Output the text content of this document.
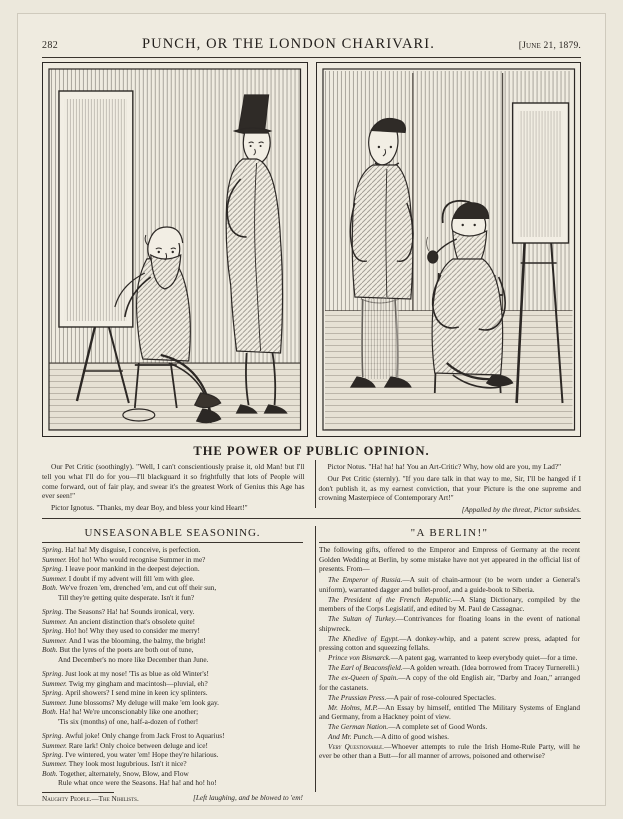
282	PUNCH, OR THE LONDON CHARIVARI.	[June 21, 1879.
THE POWER OF PUBLIC OPINION.

Our Pet Critic (soothingly). "Well, I can't conscientiously praise it, old Man! but I'll tell you what I'll do for you—I'll blackguard it so frightfully that lots of People will come forward, out of fair play, and swear it's the greatest Work of Genius this Age has ever seen!"

Pictor Ignotus. "Thanks, my dear Boy, and bless your kind Heart!"

Pictor Notus. "Ha! ha! ha! You an Art-Critic? Why, how old are you, my Lad?"

Our Pet Critic (sternly). "If you dare talk in that way to me, Sir, I'll be hanged if I don't publish it, as my earnest conviction, that your Picture is the one supreme and crowning Masterpiece of Contemporary Art!"

[Appalled by the threat, Pictor subsides.

UNSEASONABLE SEASONING.
Spring. Ha! ha! My disguise, I conceive, is perfection.
Summer. Ho! ho! Who would recognise Summer in me?
Spring. I leave poor mankind in the deepest dejection.
Summer. I doubt if my advent will fill 'em with glee.
Both. We've frozen 'em, drenched 'em, and cut off their sun,
Till they're getting quite desperate. Isn't it fun?
Spring. The Seasons? Ha! ha! Sounds ironical, very.
Summer. An ancient distinction that's obsolete quite!
Spring. Ho! ho! Why they used to consider me merry!
Summer. And I was the blooming, the balmy, the bright!
Both. But the lyres of the poets are both out of tune,
And December's no more like December than June.
Spring. Just look at my nose! 'Tis as blue as old Winter's!
Summer. Twig my gingham and macintosh—pluvial, eh?
Spring. April showers? I send mine in keen icy splinters.
Summer. June blossoms? My deluge will make 'em look gay.
Both. Ha! ha! We're unconscionably like one another;
'Tis six (months) of one, half-a-dozen of t'other!
Spring. Awful joke! Only change from Jack Frost to Aquarius!
Summer. Rare lark! Only choice between deluge and ice!
Spring. I've wintered, you water 'em! Hope they're hilarious.
Summer. They look most lugubrious. Isn't it nice?
Both. Together, alternately, Snow, Blow, and Flow
Rule what once were the Seasons. Ha! ha! and ho! ho!
[Left laughing, and be blowed to 'em!
Naughty People.—The Nihilists.
"A BERLIN!"

The following gifts, offered to the Emperor and Empress of Germany at the recent Golden Wedding at Berlin, by some mistake have not yet appeared in the official list of presents. From—

The Emperor of Russia.—A suit of chain-armour (to be worn under a General's uniform), warranted dagger and bullet-proof, and a guide-book to Siberia.
The President of the French Republic.—A Slang Dictionary, compiled by the members of the Corps Legislatif, and edited by M. Paul de Cassagnac.
The Sultan of Turkey.—Contrivances for floating loans in the event of national shipwreck.
The Khedive of Egypt.—A donkey-whip, and a patent screw press, adapted for pressing cotton and squeezing fellahs.
Prince von Bismarck.—A patent gag, warranted to keep everybody quiet—for a time.
The Earl of Beaconsfield.—A golden wreath. (Idea borrowed from Tracey Turnerelli.)
The ex-Queen of Spain.—A copy of the old English air, "Darby and Joan," arranged for the castanets.
The Prussian Press.—A pair of rose-coloured Spectacles.
Mr. Holms, M.P.—An Essay by himself, entitled The Military Systems of England and Germany, from a Hackney point of view.
The German Nation.—A complete set of Good Words.
And Mr. Punch.—A ditto of good wishes.

Very Questionable.—Whoever attempts to rule the Irish Home-Rule Party, will he ever be other than a Butt—for all manner of arrows, poisoned and otherwise?
